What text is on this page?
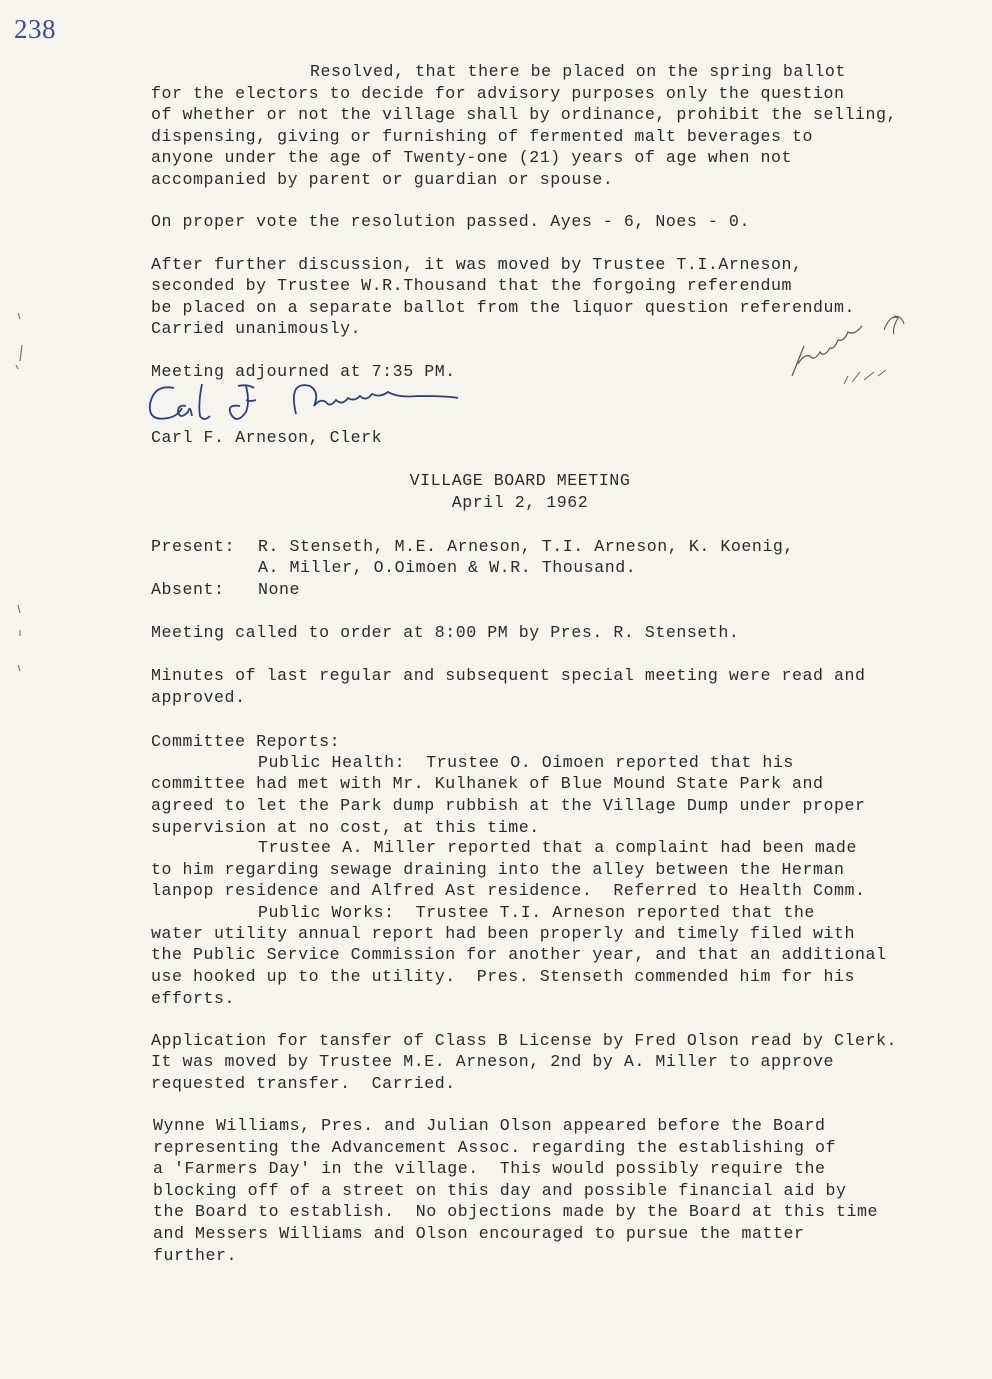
238
Resolved, that there be placed on the spring ballot
for the electors to decide for advisory purposes only the question
of whether or not the village shall by ordinance, prohibit the selling,
dispensing, giving or furnishing of fermented malt beverages to
anyone under the age of Twenty-one (21) years of age when not
accompanied by parent or guardian or spouse.
On proper vote the resolution passed. Ayes - 6, Noes - 0.
After further discussion, it was moved by Trustee T.I.Arneson,
seconded by Trustee W.R.Thousand that the forgoing referendum
be placed on a separate ballot from the liquor question referendum.
Carried unanimously.
Meeting adjourned at 7:35 PM.
Carl F. Arneson, Clerk
VILLAGE BOARD MEETING
April 2, 1962
Present: R. Stenseth, M.E. Arneson, T.I. Arneson, K. Koenig,
A. Miller, O.Oimoen & W.R. Thousand.
Absent: None
Meeting called to order at 8:00 PM by Pres. R. Stenseth.
Minutes of last regular and subsequent special meeting were read and
approved.
Committee Reports:
Public Health:  Trustee O. Oimoen reported that his
committee had met with Mr. Kulhanek of Blue Mound State Park and
agreed to let the Park dump rubbish at the Village Dump under proper
supervision at no cost, at this time.
Trustee A. Miller reported that a complaint had been made
to him regarding sewage draining into the alley between the Herman
lanpop residence and Alfred Ast residence.  Referred to Health Comm.
Public Works:  Trustee T.I. Arneson reported that the
water utility annual report had been properly and timely filed with
the Public Service Commission for another year, and that an additional
use hooked up to the utility.  Pres. Stenseth commended him for his
efforts.
Application for tansfer of Class B License by Fred Olson read by Clerk.
It was moved by Trustee M.E. Arneson, 2nd by A. Miller to approve
requested transfer.  Carried.
Wynne Williams, Pres. and Julian Olson appeared before the Board
representing the Advancement Assoc. regarding the establishing of
a 'Farmers Day' in the village.  This would possibly require the
blocking off of a street on this day and possible financial aid by
the Board to establish.  No objections made by the Board at this time
and Messers Williams and Olson encouraged to pursue the matter
further.
